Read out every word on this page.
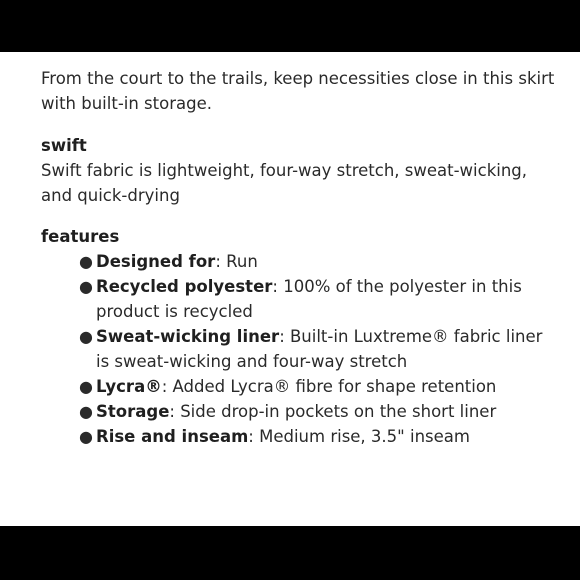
From the court to the trails, keep necessities close in this skirt with built-in storage.

swift

Swift fabric is lightweight, four-way stretch, sweat-wicking, and quick-drying

features

● Designed for: Run
● Recycled polyester: 100% of the polyester in this product is recycled
● Sweat-wicking liner: Built-in Luxtreme® fabric liner is sweat-wicking and four-way stretch
● Lycra®: Added Lycra® fibre for shape retention
● Storage: Side drop-in pockets on the short liner
● Rise and inseam: Medium rise, 3.5" inseam
